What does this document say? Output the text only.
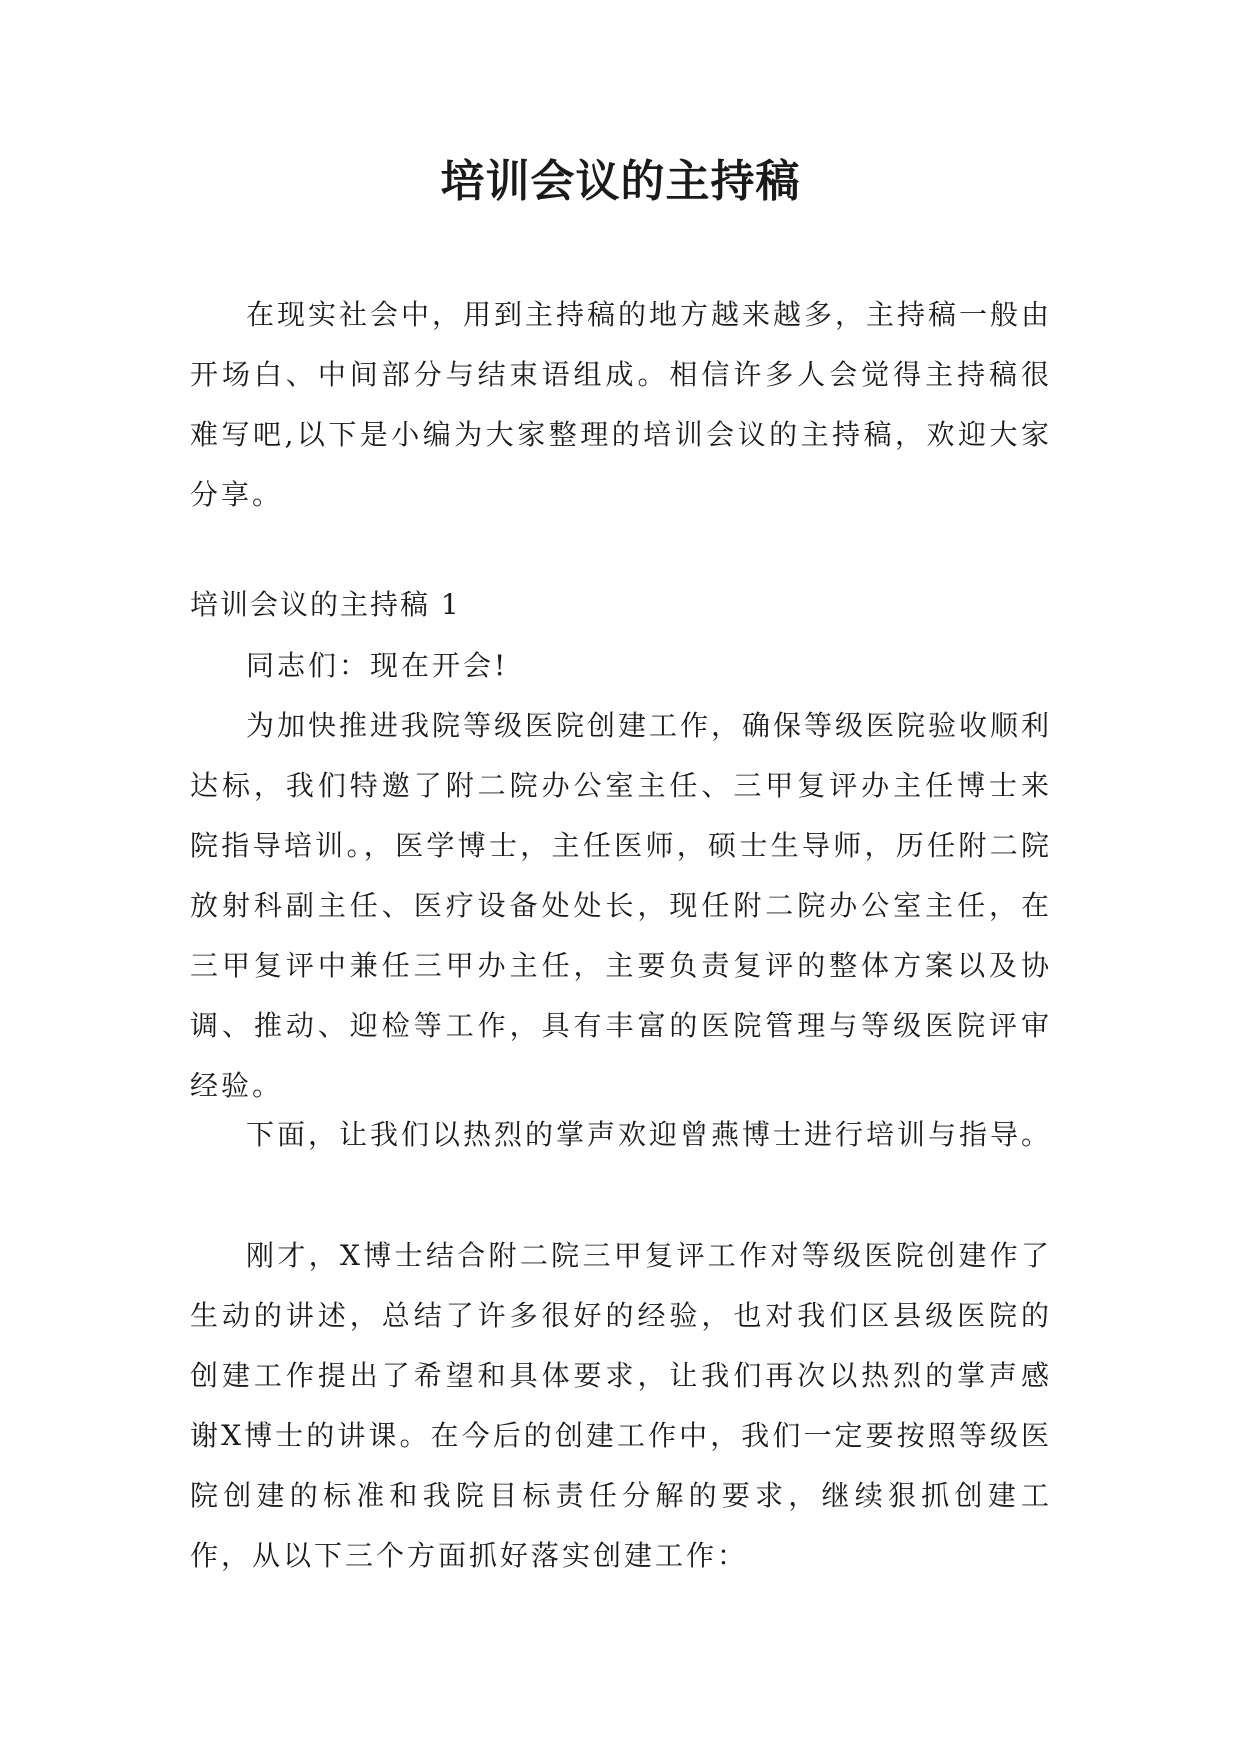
培训会议的主持稿

在现实社会中，用到主持稿的地方越来越多，主持稿一般由开场白、中间部分与结束语组成。相信许多人会觉得主持稿很难写吧,以下是小编为大家整理的培训会议的主持稿，欢迎大家分享。

培训会议的主持稿 1

同志们：现在开会!

为加快推进我院等级医院创建工作，确保等级医院验收顺利达标，我们特邀了附二院办公室主任、三甲复评办主任博士来院指导培训。，医学博士，主任医师，硕士生导师，历任附二院放射科副主任、医疗设备处处长，现任附二院办公室主任，在三甲复评中兼任三甲办主任，主要负责复评的整体方案以及协调、推动、迎检等工作，具有丰富的医院管理与等级医院评审经验。

下面，让我们以热烈的掌声欢迎曾燕博士进行培训与指导。

刚才，X博士结合附二院三甲复评工作对等级医院创建作了生动的讲述，总结了许多很好的经验，也对我们区县级医院的创建工作提出了希望和具体要求，让我们再次以热烈的掌声感谢X博士的讲课。在今后的创建工作中，我们一定要按照等级医院创建的标准和我院目标责任分解的要求，继续狠抓创建工作，从以下三个方面抓好落实创建工作：
